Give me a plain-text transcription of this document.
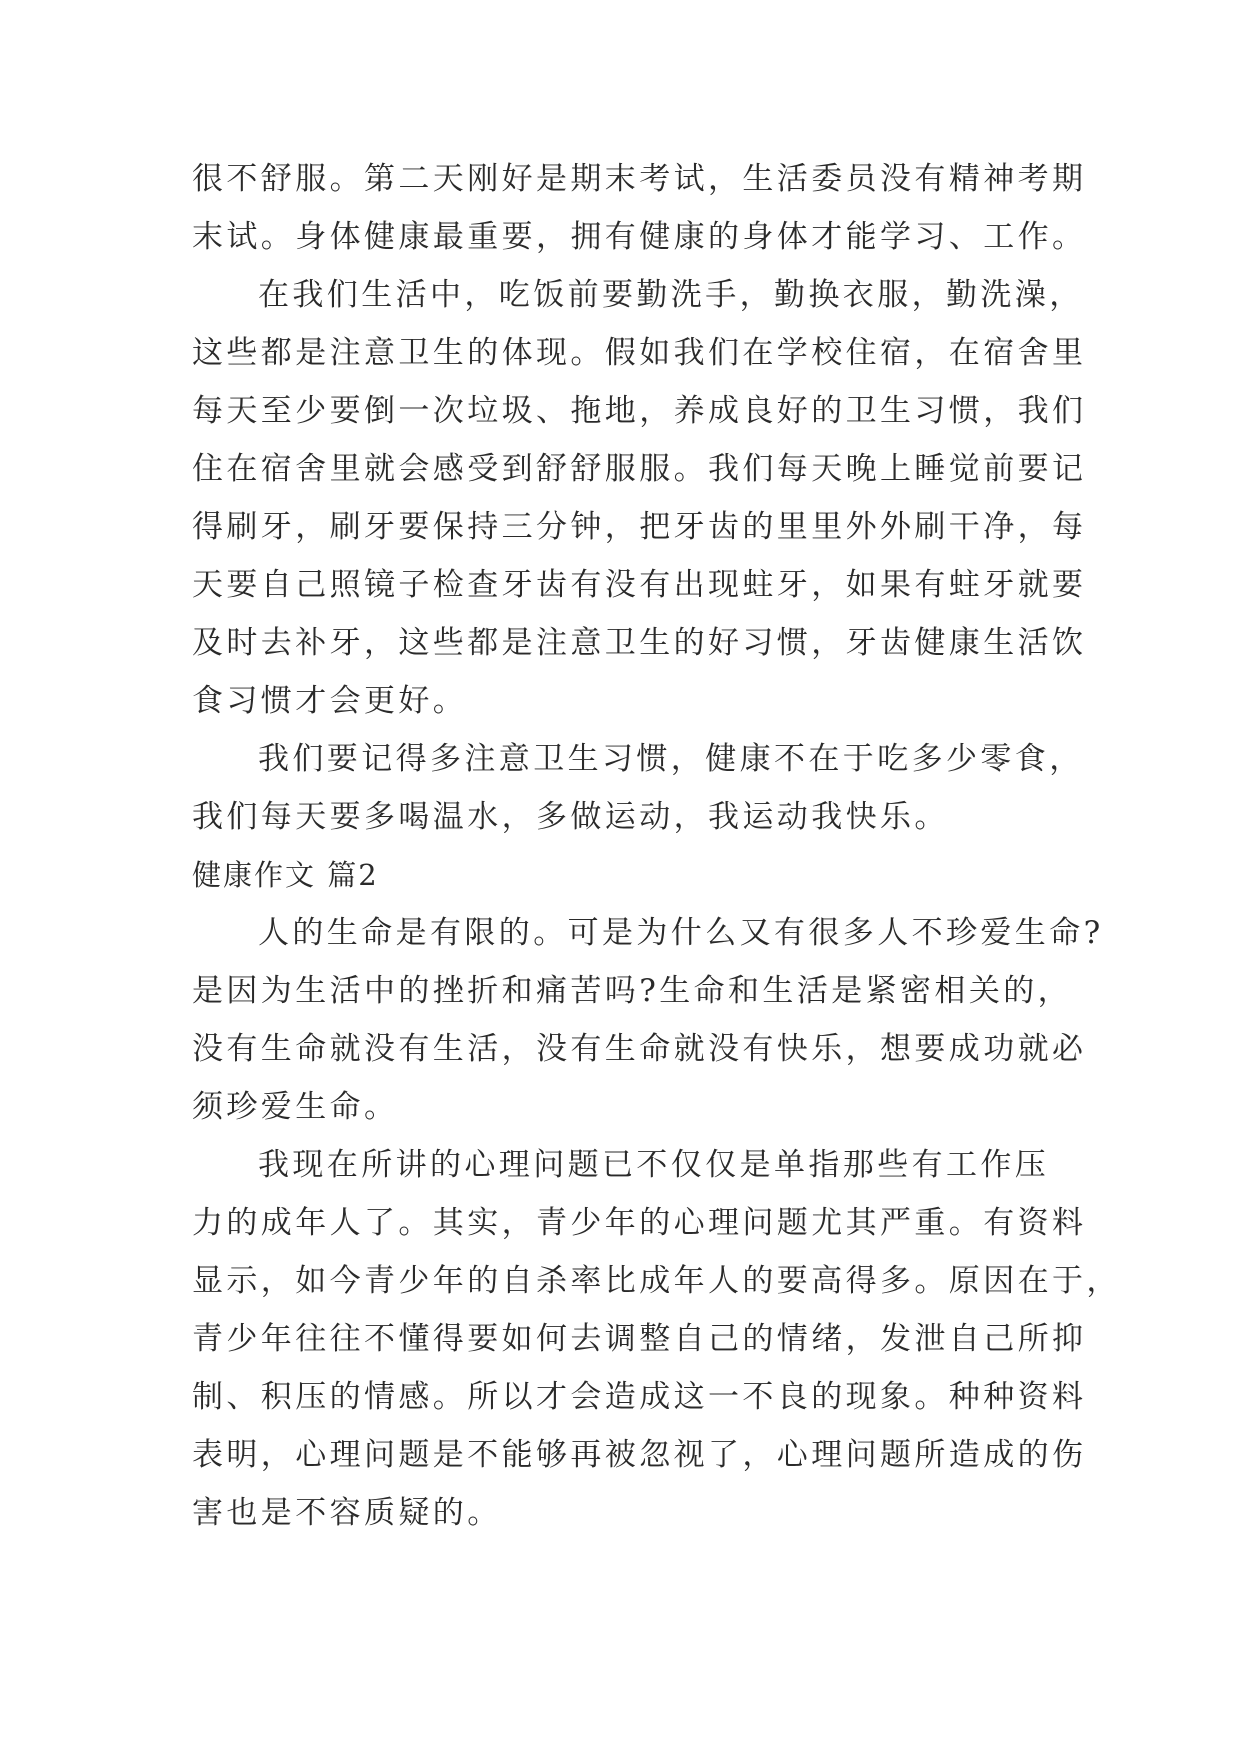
很不舒服。第二天刚好是期末考试，生活委员没有精神考期
末试。身体健康最重要，拥有健康的身体才能学习、工作。
在我们生活中，吃饭前要勤洗手，勤换衣服，勤洗澡，
这些都是注意卫生的体现。假如我们在学校住宿，在宿舍里
每天至少要倒一次垃圾、拖地，养成良好的卫生习惯，我们
住在宿舍里就会感受到舒舒服服。我们每天晚上睡觉前要记
得刷牙，刷牙要保持三分钟，把牙齿的里里外外刷干净，每
天要自己照镜子检查牙齿有没有出现蛀牙，如果有蛀牙就要
及时去补牙，这些都是注意卫生的好习惯，牙齿健康生活饮
食习惯才会更好。
我们要记得多注意卫生习惯，健康不在于吃多少零食，
我们每天要多喝温水，多做运动，我运动我快乐。
健康作文 篇2
人的生命是有限的。可是为什么又有很多人不珍爱生命?
是因为生活中的挫折和痛苦吗?生命和生活是紧密相关的，
没有生命就没有生活，没有生命就没有快乐，想要成功就必
须珍爱生命。
我现在所讲的心理问题已不仅仅是单指那些有工作压
力的成年人了。其实，青少年的心理问题尤其严重。有资料
显示，如今青少年的自杀率比成年人的要高得多。原因在于，
青少年往往不懂得要如何去调整自己的情绪，发泄自己所抑
制、积压的情感。所以才会造成这一不良的现象。种种资料
表明，心理问题是不能够再被忽视了，心理问题所造成的伤
害也是不容质疑的。
